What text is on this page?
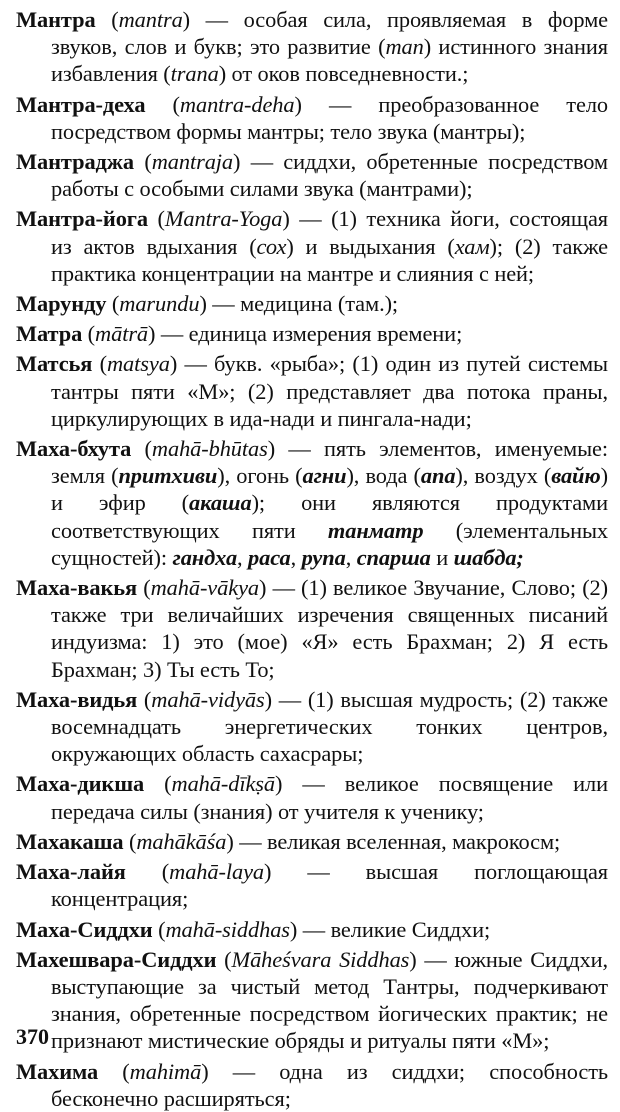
Мантра (mantra) — особая сила, проявляемая в форме звуков, слов и букв; это развитие (man) истинного знания избавления (trana) от оков повседневности.;

Мантра-деха (mantra-deha) — преобразованное тело посредством формы мантры; тело звука (мантры);

Мантраджа (mantraja) — сиддхи, обретенные посредством работы с особыми силами звука (мантрами);

Мантра-йога (Mantra-Yoga) — (1) техника йоги, состоящая из актов вдыхания (сох) и выдыхания (хам); (2) также практика концентрации на мантре и слияния с ней;

Марунду (marundu) — медицина (там.);

Матра (mātrā) — единица измерения времени;

Матсья (matsya) — букв. «рыба»; (1) один из путей системы тантры пяти «М»; (2) представляет два потока праны, циркулирующих в ида-нади и пингала-нади;

Маха-бхута (mahā-bhūtas) — пять элементов, именуемые: земля (притхиви), огонь (агни), вода (апа), воздух (вайю) и эфир (акаша); они являются продуктами соответствующих пяти танматр (элементальных сущностей): гандха, раса, рупа, спарша и шабда;

Маха-вакья (mahā-vākya) — (1) великое Звучание, Слово; (2) также три величайших изречения священных писаний индуизма: 1) это (мое) «Я» есть Брахман; 2) Я есть Брахман; 3) Ты есть То;

Маха-видья (mahā-vidyās) — (1) высшая мудрость; (2) также восемнадцать энергетических тонких центров, окружающих область сахасрары;

Маха-дикша (mahā-dīkṣā) — великое посвящение или передача силы (знания) от учителя к ученику;

Махакаша (mahākāśa) — великая вселенная, макрокосм;

Маха-лайя (mahā-laya) — высшая поглощающая концентрация;

Маха-Сиддхи (mahā-siddhas) — великие Сиддхи;

Махешвара-Сиддхи (Māheśvara Siddhas) — южные Сиддхи, выступающие за чистый метод Тантры, подчеркивают знания, обретенные посредством йогических практик; не признают мистические обряды и ритуалы пяти «М»;

Махима (mahimā) — одна из сиддхи; способность бесконечно расширяться;

370
